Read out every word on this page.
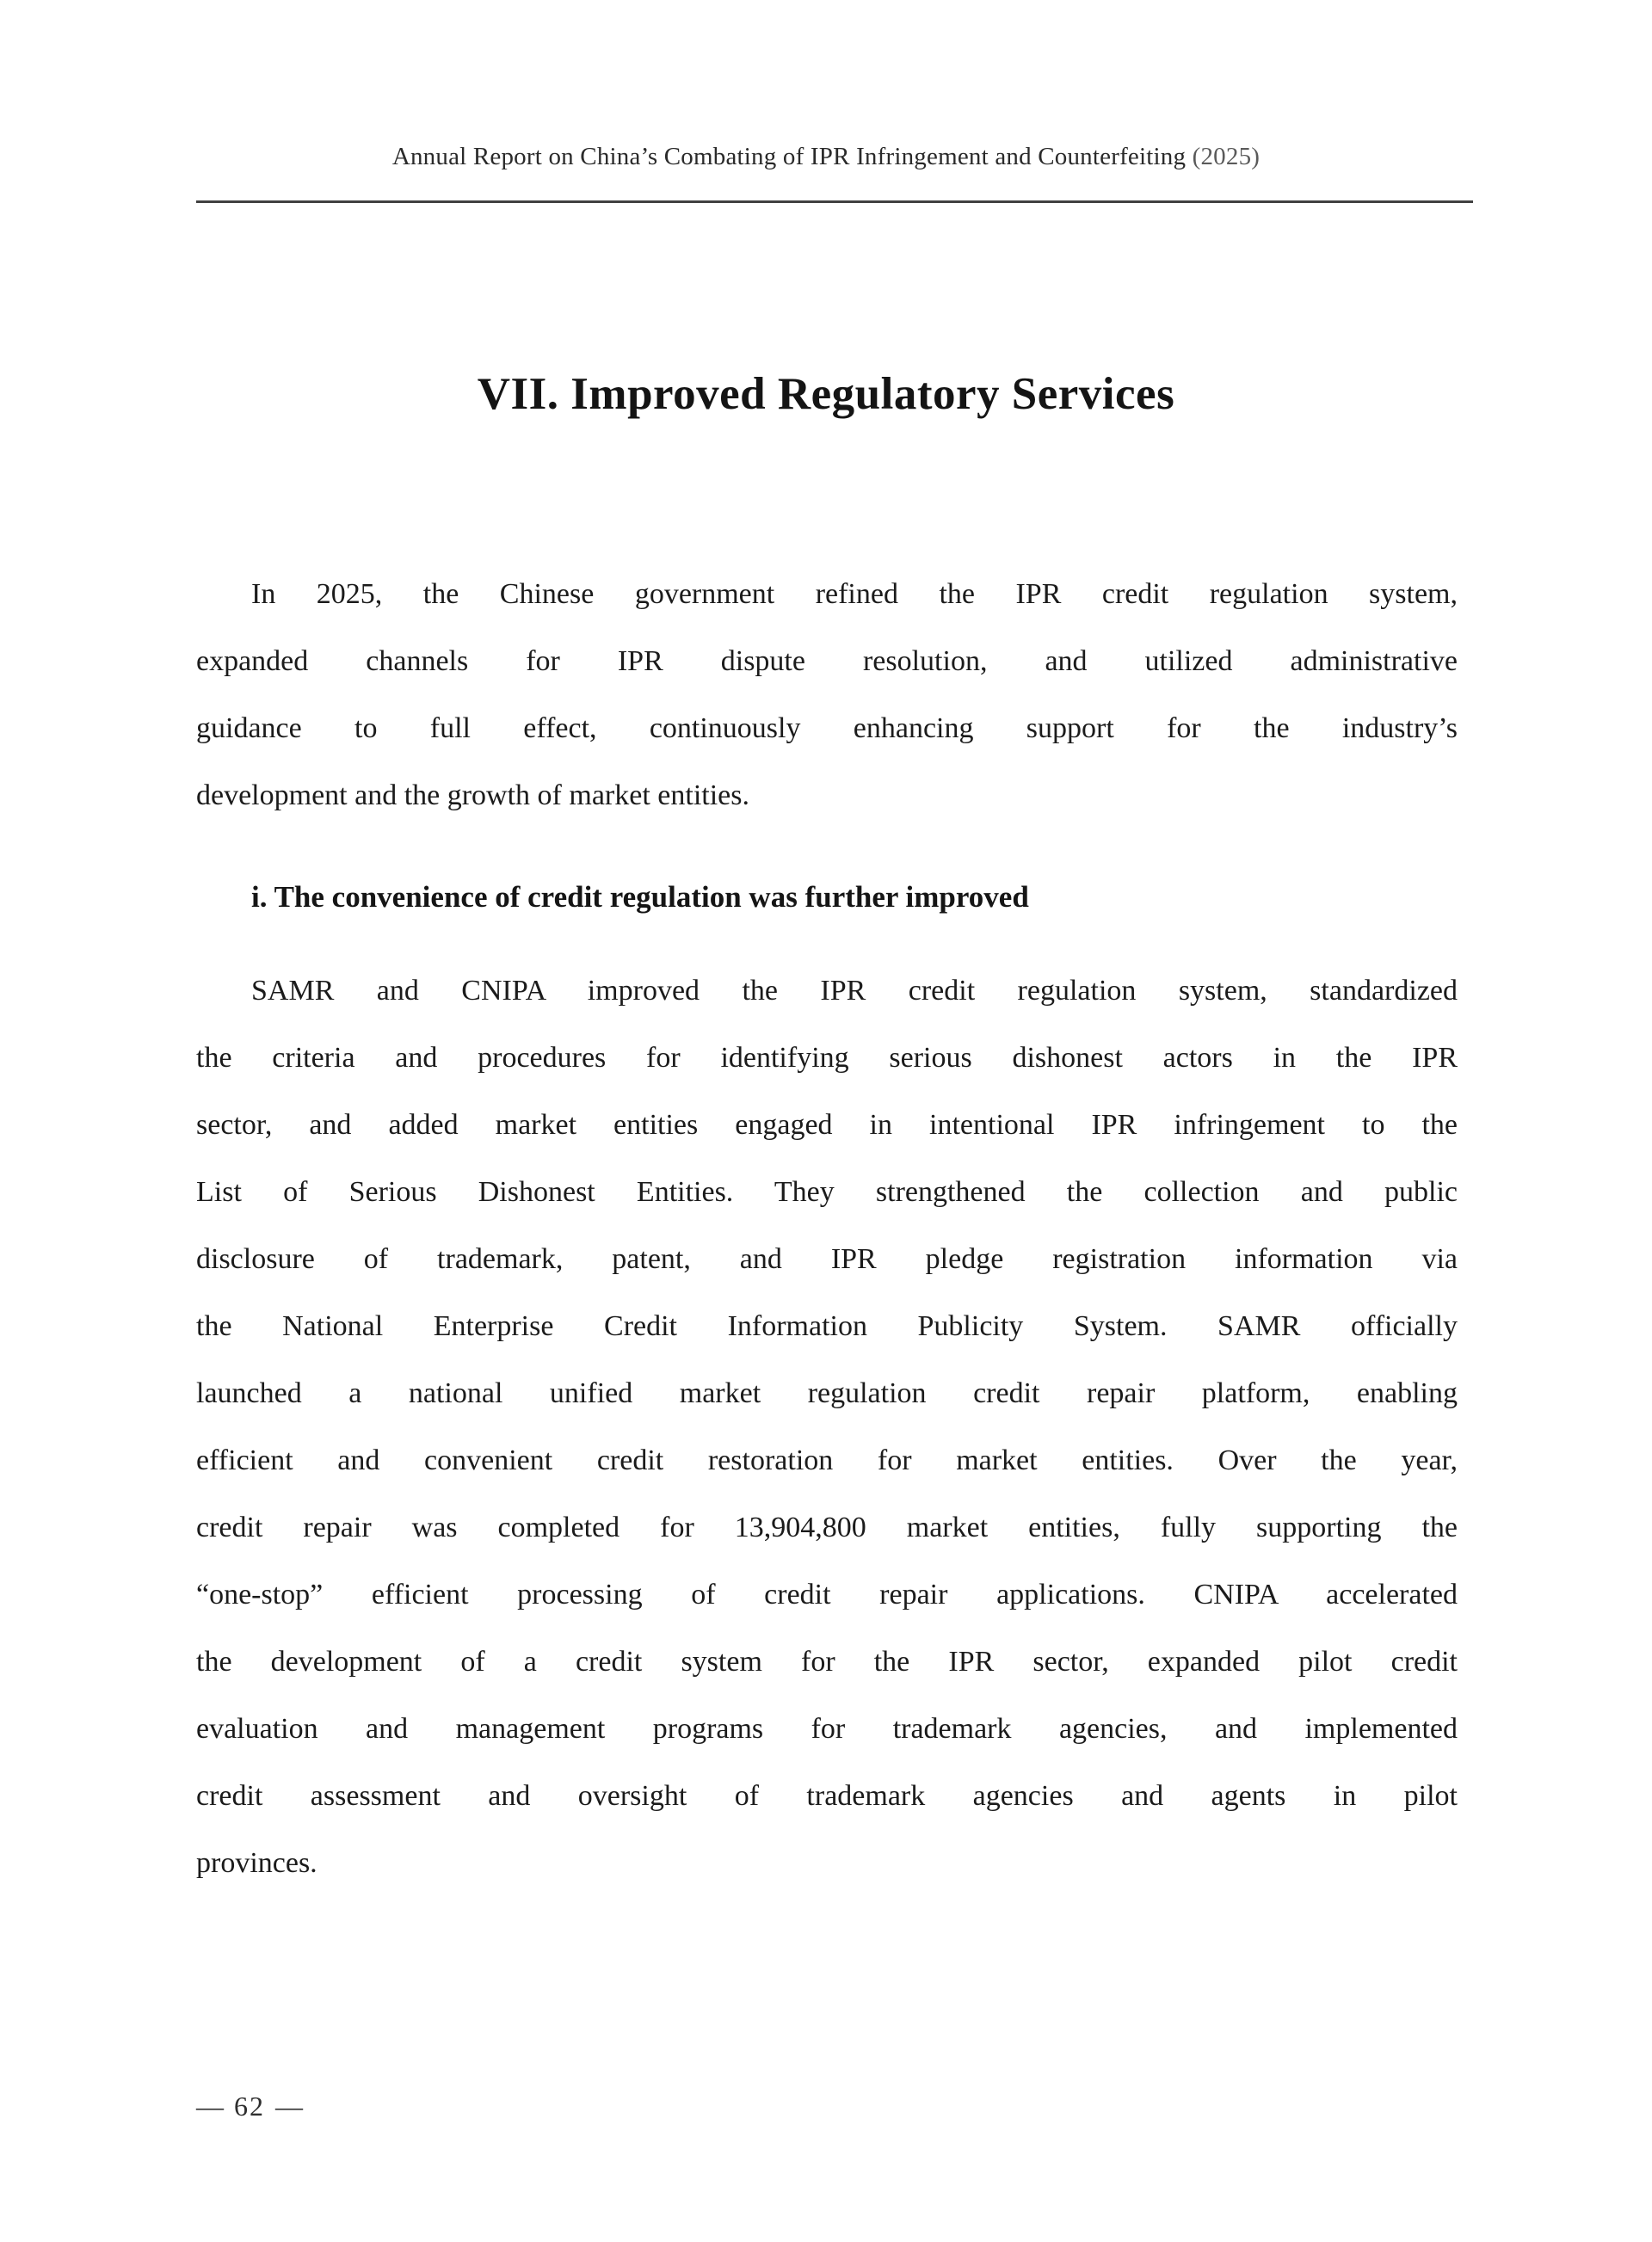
Annual Report on China’s Combating of IPR Infringement and Counterfeiting (2025)
VII. Improved Regulatory Services
In 2025, the Chinese government refined the IPR credit regulation system,
expanded channels for IPR dispute resolution, and utilized administrative
guidance to full effect, continuously enhancing support for the industry’s
development and the growth of market entities.
i. The convenience of credit regulation was further improved
SAMR and CNIPA improved the IPR credit regulation system, standardized
the criteria and procedures for identifying serious dishonest actors in the IPR
sector, and added market entities engaged in intentional IPR infringement to the
List of Serious Dishonest Entities. They strengthened the collection and public
disclosure of trademark, patent, and IPR pledge registration information via
the National Enterprise Credit Information Publicity System. SAMR officially
launched a national unified market regulation credit repair platform, enabling
efficient and convenient credit restoration for market entities. Over the year,
credit repair was completed for 13,904,800 market entities, fully supporting the
“one-stop” efficient processing of credit repair applications. CNIPA accelerated
the development of a credit system for the IPR sector, expanded pilot credit
evaluation and management programs for trademark agencies, and implemented
credit assessment and oversight of trademark agencies and agents in pilot
provinces.
— 62 —
